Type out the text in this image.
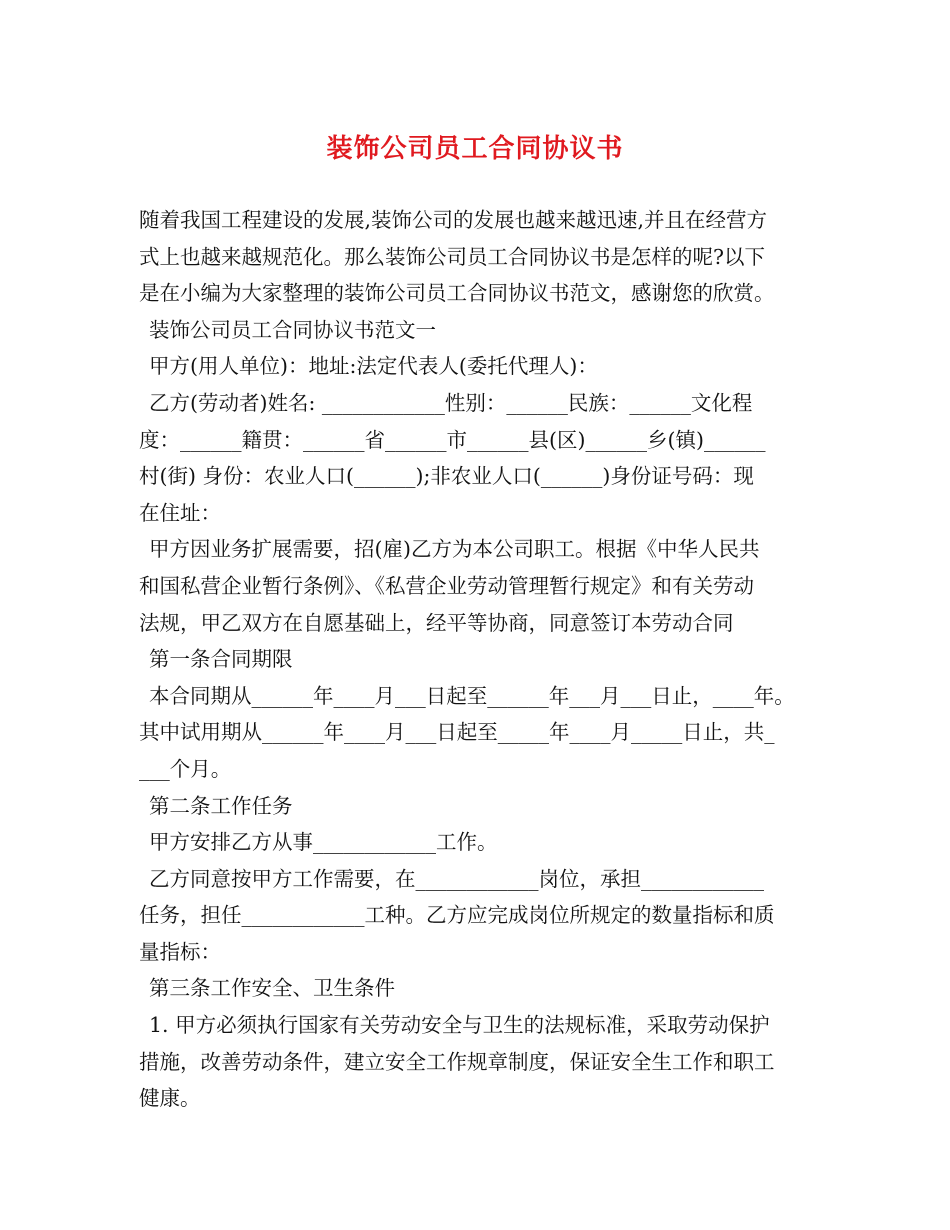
装饰公司员工合同协议书
随着我国工程建设的发展,装饰公司的发展也越来越迅速,并且在经营方
式上也越来越规范化。那么装饰公司员工合同协议书是怎样的呢?以下
是在小编为大家整理的装饰公司员工合同协议书范文，感谢您的欣赏。
装饰公司员工合同协议书范文一
甲方(用人单位)：地址:法定代表人(委托代理人)：
乙方(劳动者)姓名: ____________性别：______民族：______文化程
度：______籍贯：______省______市______县(区)______乡(镇)______
村(街) 身份：农业人口(______);非农业人口(______)身份证号码：现
在住址：
甲方因业务扩展需要，招(雇)乙方为本公司职工。根据《中华人民共
和国私营企业暂行条例》、《私营企业劳动管理暂行规定》和有关劳动
法规，甲乙双方在自愿基础上，经平等协商，同意签订本劳动合同
第一条合同期限
本合同期从______年____月___日起至______年___月___日止，____年。
其中试用期从______年____月___日起至_____年____月_____日止，共_
___个月。
第二条工作任务
甲方安排乙方从事____________工作。
乙方同意按甲方工作需要，在____________岗位，承担____________
任务，担任____________工种。乙方应完成岗位所规定的数量指标和质
量指标：
第三条工作安全、卫生条件
1. 甲方必须执行国家有关劳动安全与卫生的法规标准，采取劳动保护
措施，改善劳动条件，建立安全工作规章制度，保证安全生工作和职工
健康。
